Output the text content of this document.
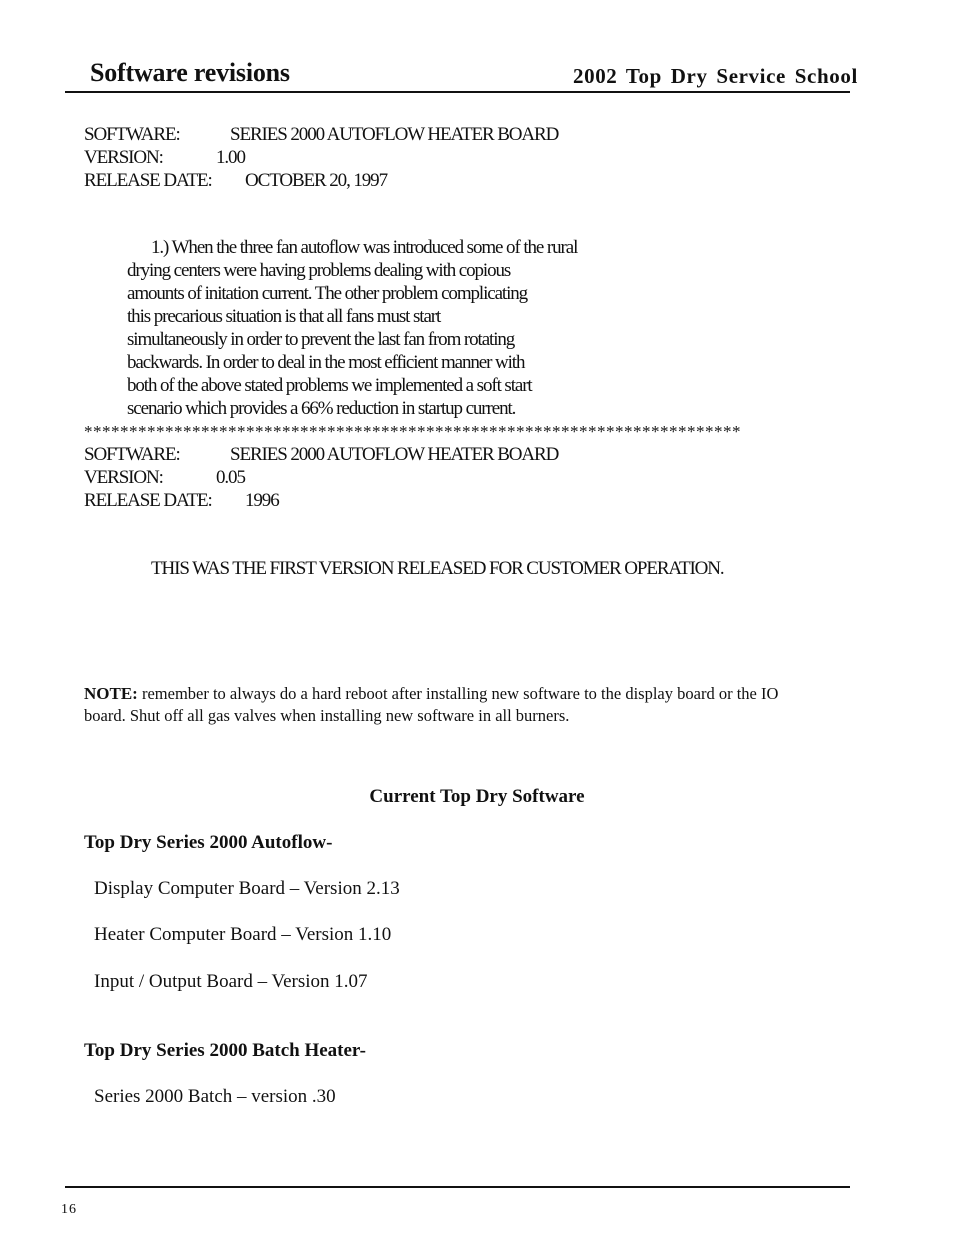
Software revisions	2002 Top Dry Service School
SOFTWARE:	SERIES 2000 AUTOFLOW HEATER BOARD
VERSION:	1.00
RELEASE DATE: OCTOBER 20, 1997
1.) When the three fan autoflow was introduced some of the rural
drying centers were having problems dealing with copious
amounts of initation current. The other problem complicating
this precarious situation is that all fans must start
simultaneously in order to prevent the last fan from rotating
backwards. In order to deal in the most efficient manner with
both of the above stated problems we implemented a soft start
scenario which provides a 66% reduction in startup current.
*************************************************************************
SOFTWARE:	SERIES 2000 AUTOFLOW HEATER BOARD
VERSION:	0.05
RELEASE DATE: 1996
THIS WAS THE FIRST VERSION RELEASED FOR CUSTOMER OPERATION.
NOTE: remember to always do a hard reboot after installing new software to the display board or the IO board. Shut off all gas valves when installing new software in all burners.
Current Top Dry Software
Top Dry Series 2000 Autoflow-
Display Computer Board – Version 2.13
Heater Computer Board – Version 1.10
Input / Output Board – Version 1.07
Top Dry Series 2000 Batch Heater-
Series 2000 Batch – version .30
16
